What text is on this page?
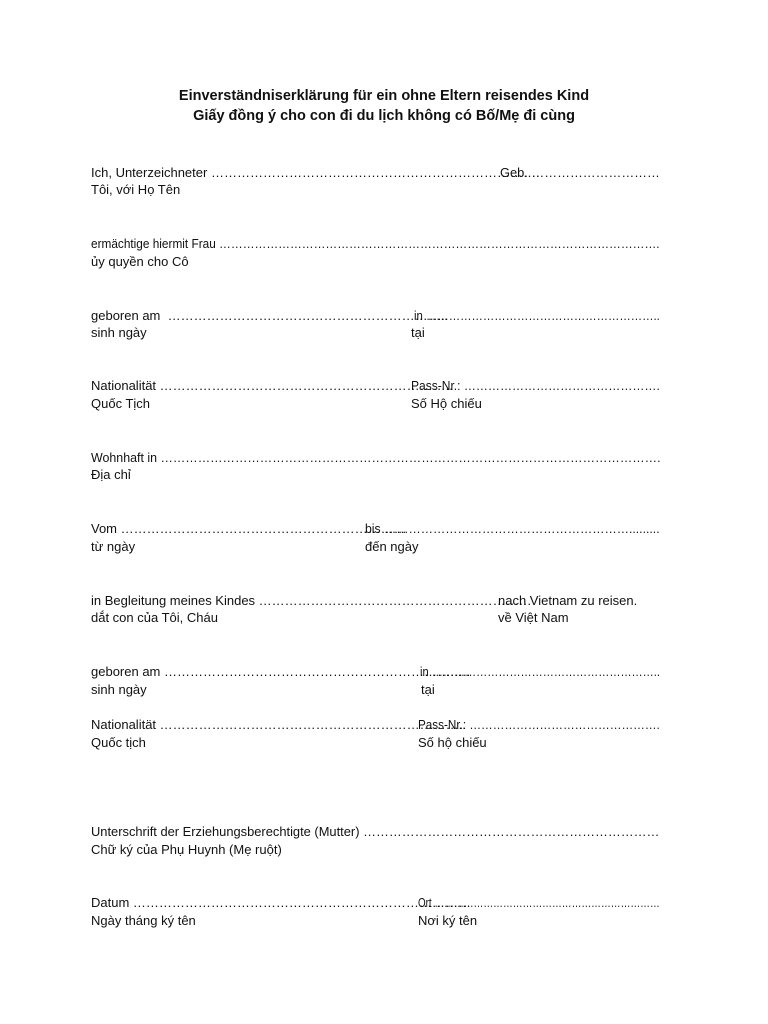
Einverständniserklärung für ein ohne Eltern reisendes Kind
Giấy đồng ý cho con đi du lịch không có Bố/Mẹ đi cùng
Ich, Unterzeichneter ………………………………………………………………….
Geb. …………………………
Tôi, với Họ Tên
ermächtige hiermit Frau ………………………………………………………………………………………………….
ủy quyền cho Cô
geboren am  ………………………………………………………..
in ……………………………………………………..
sinh ngày	tại
Nationalität …………………………………………………………..
Pass-Nr.: ………………………………………….
Quốc Tịch	Số Hộ chiếu
Wohnhaft in ………………………………………………………………………………………………………….
Địa chỉ
Vom …………………………………………………………
bis …………………………………………………….........
từ ngày	đến ngày
in Begleitung meines Kindes ………………………………………………………
nach Vietnam zu reisen.
dắt con của Tôi, Cháu	về Việt Nam
geboren am ……………………………………………………………..
in ……………………………………………………..
sinh ngày	tại
Nationalität ……………………………………………………………..
Pass-Nr.: ………………………………………….
Quốc tịch	Số hộ chiếu
Unterschrift der Erziehungsberechtigte (Mutter) ……………………………………………………………
Chữ ký của Phụ Huynh (Mẹ ruột)
Datum ……………………………………………………………………
Ort ……………………………………………………………
Ngày tháng ký tên	Nơi ký tên
